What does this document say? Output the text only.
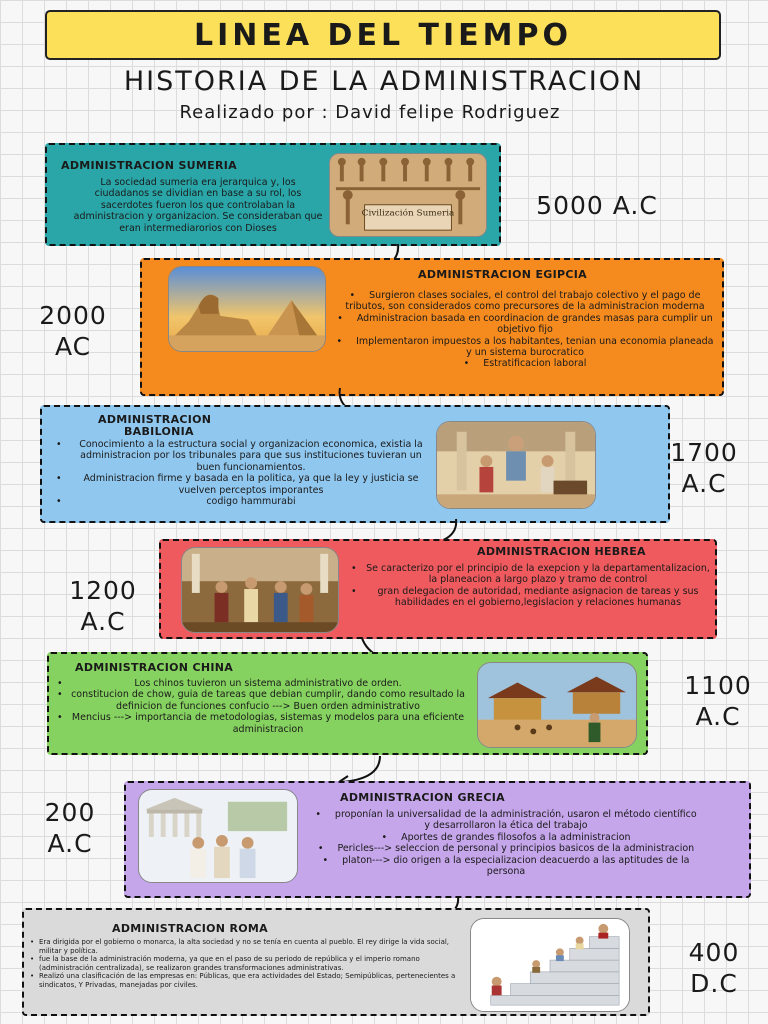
LINEA DEL TIEMPO
HISTORIA DE LA ADMINISTRACION
Realizado por : David felipe Rodriguez
ADMINISTRACION SUMERIA
La sociedad sumeria era jerarquica y, los ciudadanos se dividian en base a su rol, los sacerdotes fueron los que controlaban la administracion y organizacion. Se consideraban que eran intermediarorios con Dioses
Civilización Sumeria	5000 A.C
ADMINISTRACION EGIPCIA
• Surgieron clases sociales, el control del trabajo colectivo y el pago de tributos, son considerados como precursores de la administracion moderna
• Administracion basada en coordinacion de grandes masas para cumplir un objetivo fijo
• Implementaron impuestos a los habitantes, tenian una economia planeada y un sistema burocratico
• Estratificacion laboral
2000
AC
ADMINISTRACION
BABILONIA
• Conocimiento a la estructura social y organizacion economica, existia la administracion por los tribunales para que sus instituciones tuvieran un buen funcionamientos.
• Administracion firme y basada en la politica, ya que la ley y justicia se vuelven perceptos imporantes
• codigo hammurabi
1700
A.C
ADMINISTRACION HEBREA
• Se caracterizo por el principio de la exepcion y la departamentalizacion, la planeacion a largo plazo y tramo de control
• gran delegacion de autoridad, mediante asignacion de tareas y sus habilidades en el gobierno,legislacion y relaciones humanas
1200
A.C
ADMINISTRACION CHINA
• Los chinos tuvieron un sistema administrativo de orden.
• constitucion de chow, guia de tareas que debian cumplir, dando como resultado la definicion de funciones confucio ---> Buen orden administrativo
• Mencius ---> importancia de metodologias, sistemas y modelos para una eficiente administracion
1100
A.C
ADMINISTRACION GRECIA
• proponían la universalidad de la administración, usaron el método científico y desarrollaron la ética del trabajo
• Aportes de grandes filosofos a la administracion
• Pericles---> seleccion de personal y principios basicos de la administracion
• platon---> dio origen a la especializacion deacuerdo a las aptitudes de la persona
200
A.C
ADMINISTRACION ROMA
• Era dirigida por el gobierno o monarca, la alta sociedad y no se tenía en cuenta al pueblo. El rey dirige la vida social, militar y política.
• fue la base de la administración moderna, ya que en el paso de su periodo de república y el imperio romano (administración centralizada), se realizaron grandes transformaciones administrativas.
• Realizó una clasificación de las empresas en: Públicas, que era actividades del Estado; Semipúblicas, pertenecientes a sindicatos, Y Privadas, manejadas por civiles.
400
D.C
